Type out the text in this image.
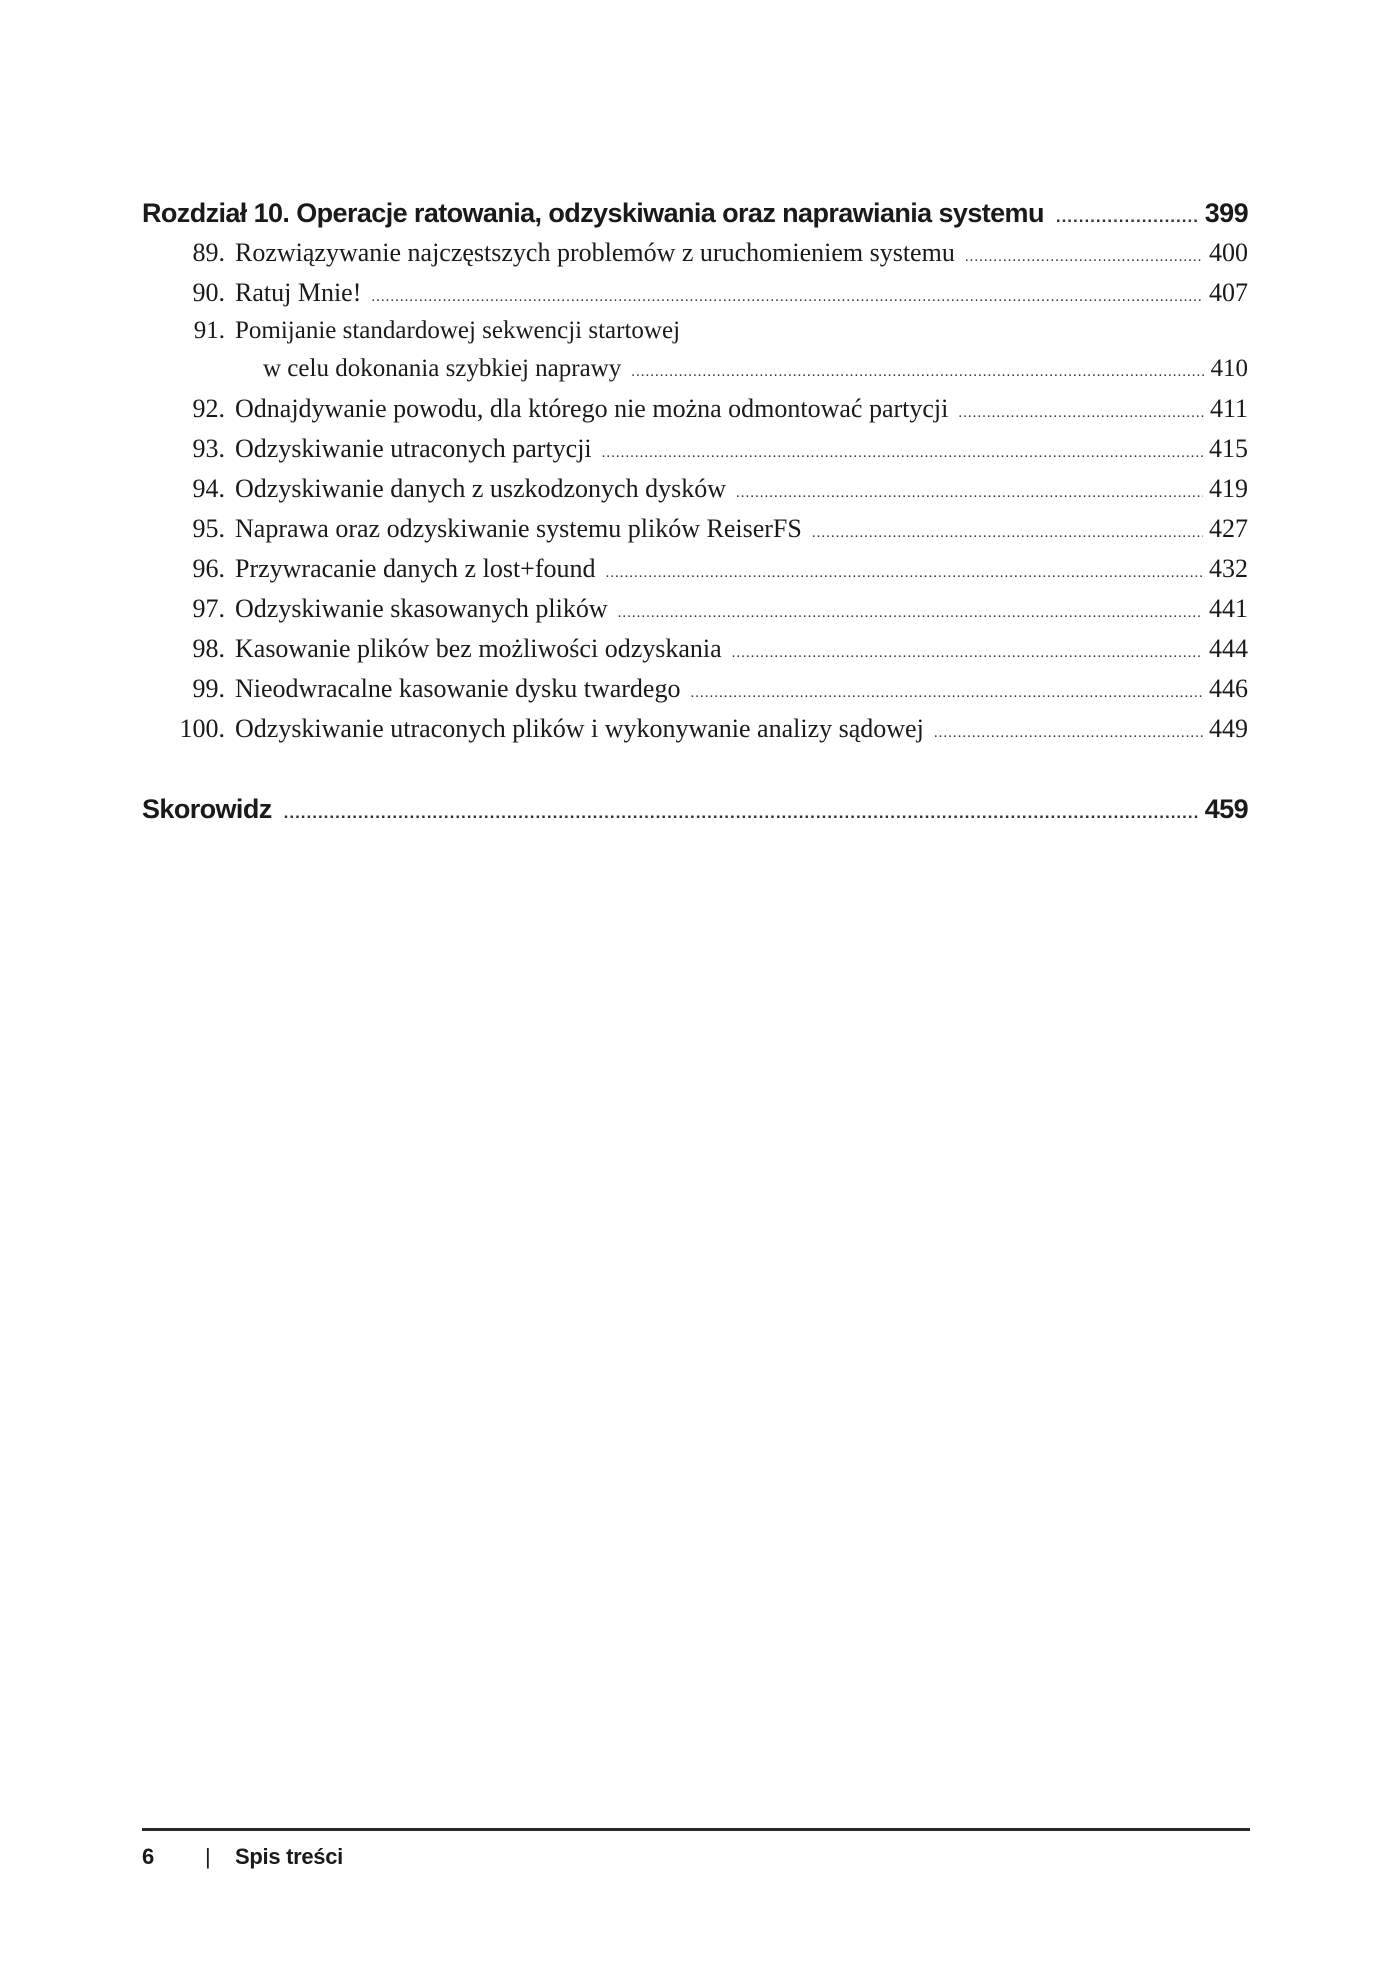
Rozdział 10. Operacje ratowania, odzyskiwania oraz naprawiania systemu .....	399
89. Rozwiązywanie najczęstszych problemów z uruchomieniem systemu .....	400
90. Ratuj Mnie! .....	407
91. Pomijanie standardowej sekwencji startowej
w celu dokonania szybkiej naprawy .....	410
92. Odnajdywanie powodu, dla którego nie można odmontować partycji .....	411
93. Odzyskiwanie utraconych partycji .....	415
94. Odzyskiwanie danych z uszkodzonych dysków .....	419
95. Naprawa oraz odzyskiwanie systemu plików ReiserFS .....	427
96. Przywracanie danych z lost+found .....	432
97. Odzyskiwanie skasowanych plików .....	441
98. Kasowanie plików bez możliwości odzyskania .....	444
99. Nieodwracalne kasowanie dysku twardego .....	446
100. Odzyskiwanie utraconych plików i wykonywanie analizy sądowej .....	449
Skorowidz .....	459
6 | Spis treści
